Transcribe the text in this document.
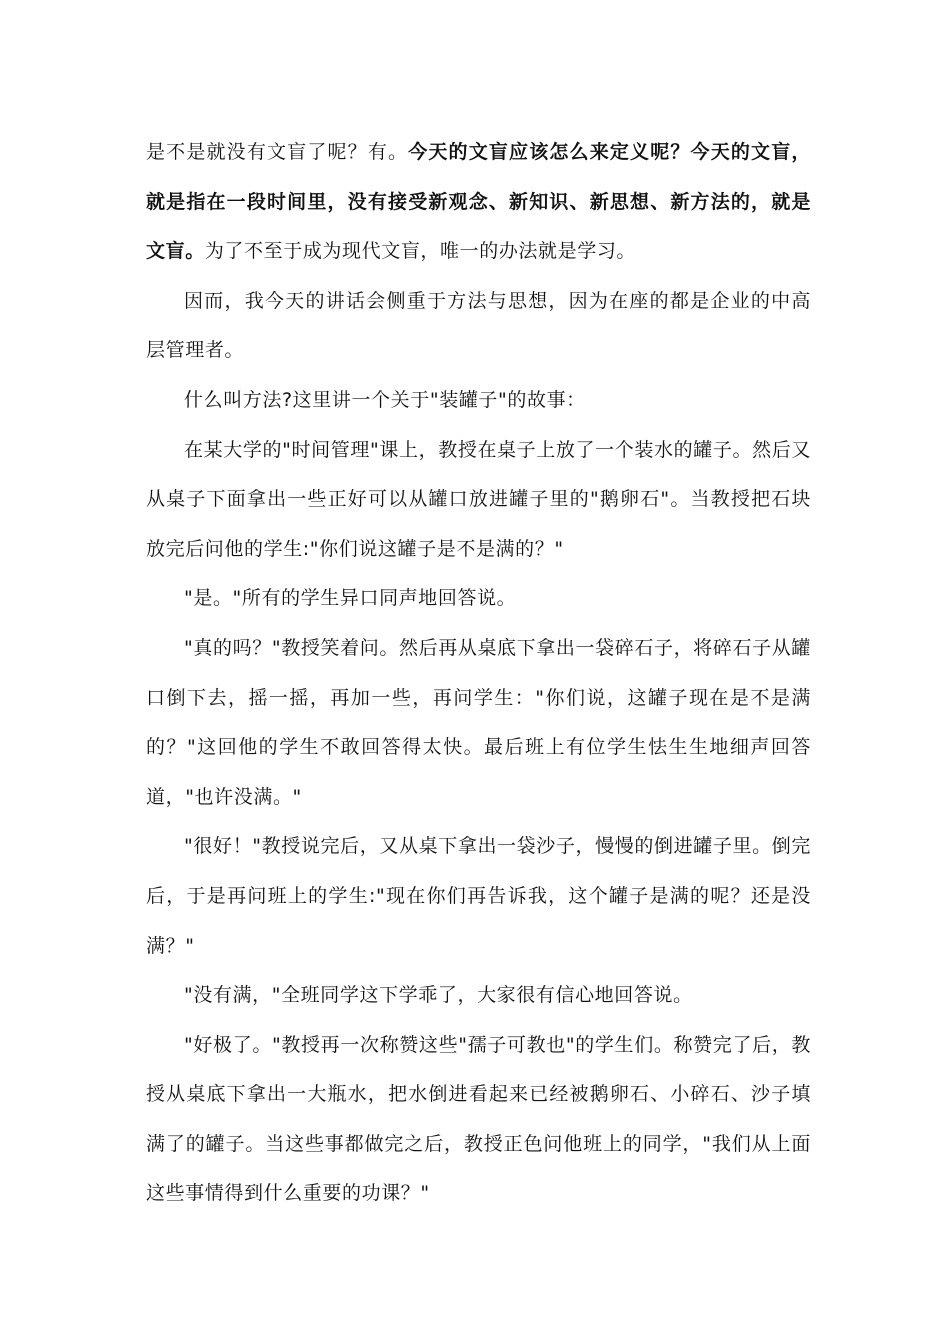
是不是就没有文盲了呢？有。今天的文盲应该怎么来定义呢？今天的文盲，就是指在一段时间里，没有接受新观念、新知识、新思想、新方法的，就是文盲。为了不至于成为现代文盲，唯一的办法就是学习。

因而，我今天的讲话会侧重于方法与思想，因为在座的都是企业的中高层管理者。

什么叫方法?这里讲一个关于"装罐子"的故事：

在某大学的"时间管理"课上，教授在桌子上放了一个装水的罐子。然后又从桌子下面拿出一些正好可以从罐口放进罐子里的"鹅卵石"。当教授把石块放完后问他的学生:"你们说这罐子是不是满的？"

"是。"所有的学生异口同声地回答说。

"真的吗？"教授笑着问。然后再从桌底下拿出一袋碎石子，将碎石子从罐口倒下去，摇一摇，再加一些，再问学生："你们说，这罐子现在是不是满的？"这回他的学生不敢回答得太快。最后班上有位学生怯生生地细声回答道，"也许没满。"

"很好！"教授说完后，又从桌下拿出一袋沙子，慢慢的倒进罐子里。倒完后，于是再问班上的学生:"现在你们再告诉我，这个罐子是满的呢？还是没满？"

"没有满，"全班同学这下学乖了，大家很有信心地回答说。

"好极了。"教授再一次称赞这些"孺子可教也"的学生们。称赞完了后，教授从桌底下拿出一大瓶水，把水倒进看起来已经被鹅卵石、小碎石、沙子填满了的罐子。当这些事都做完之后，教授正色问他班上的同学，"我们从上面这些事情得到什么重要的功课？"
